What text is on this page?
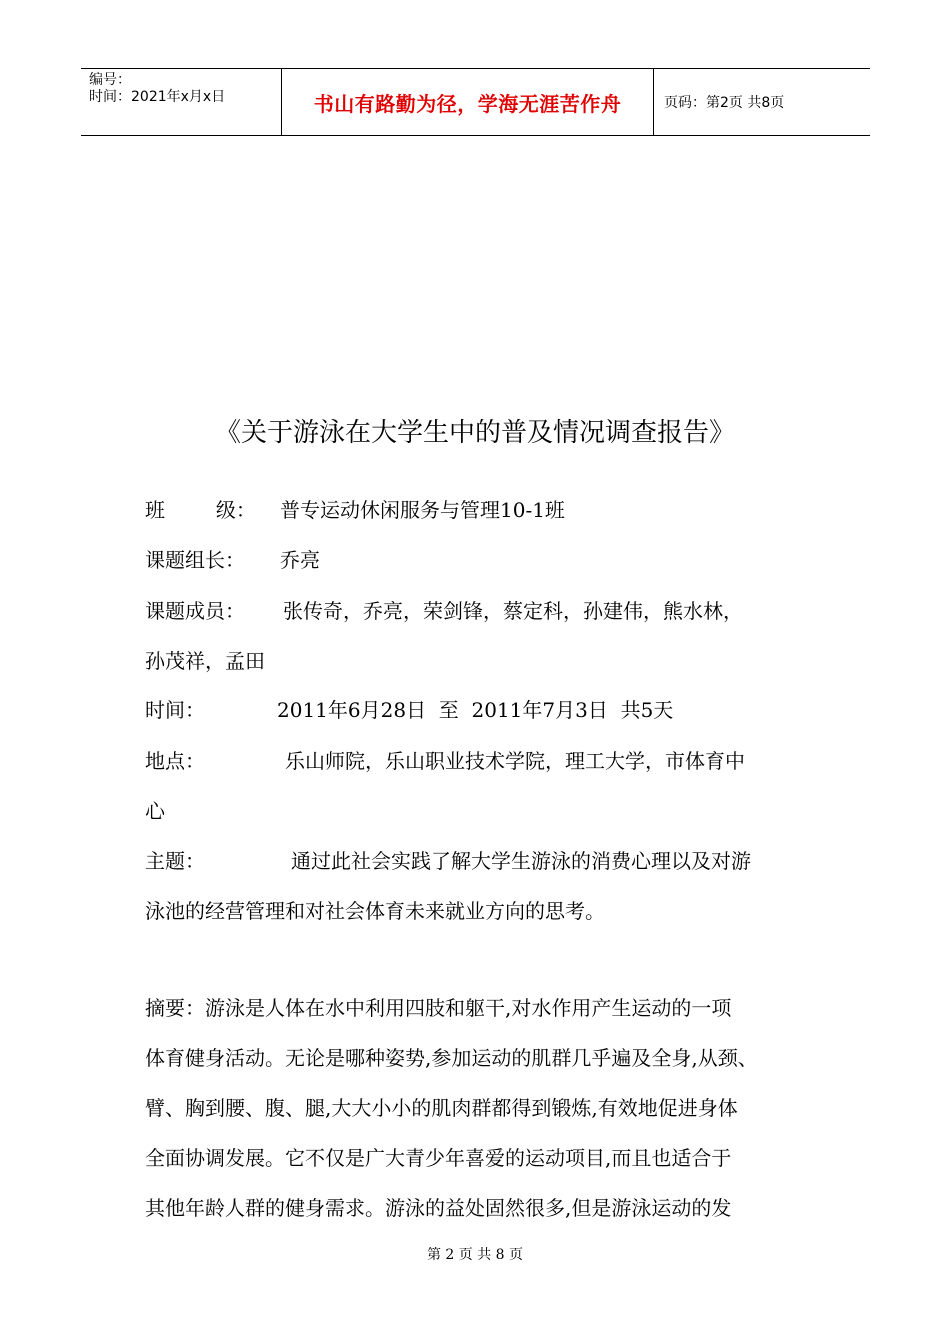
编号：
时间：2021年x月x日	书山有路勤为径，学海无涯苦作舟	页码：第2页 共8页
《关于游泳在大学生中的普及情况调查报告》
班        级： 普专运动休闲服务与管理10-1班
课题组长： 乔亮
课题成员： 张传奇，乔亮，荣剑锋，蔡定科，孙建伟，熊水林，
孙茂祥，孟田
时间：	2011年6月28日  至  2011年7月3日  共5天
地点：	乐山师院，乐山职业技术学院，理工大学，市体育中
心
主题：	通过此社会实践了解大学生游泳的消费心理以及对游
泳池的经营管理和对社会体育未来就业方向的思考。
摘要：游泳是人体在水中利用四肢和躯干,对水作用产生运动的一项
体育健身活动。无论是哪种姿势,参加运动的肌群几乎遍及全身,从颈、
臂、胸到腰、腹、腿,大大小小的肌肉群都得到锻炼,有效地促进身体
全面协调发展。它不仅是广大青少年喜爱的运动项目,而且也适合于
其他年龄人群的健身需求。游泳的益处固然很多,但是游泳运动的发
第 2 页 共 8 页
